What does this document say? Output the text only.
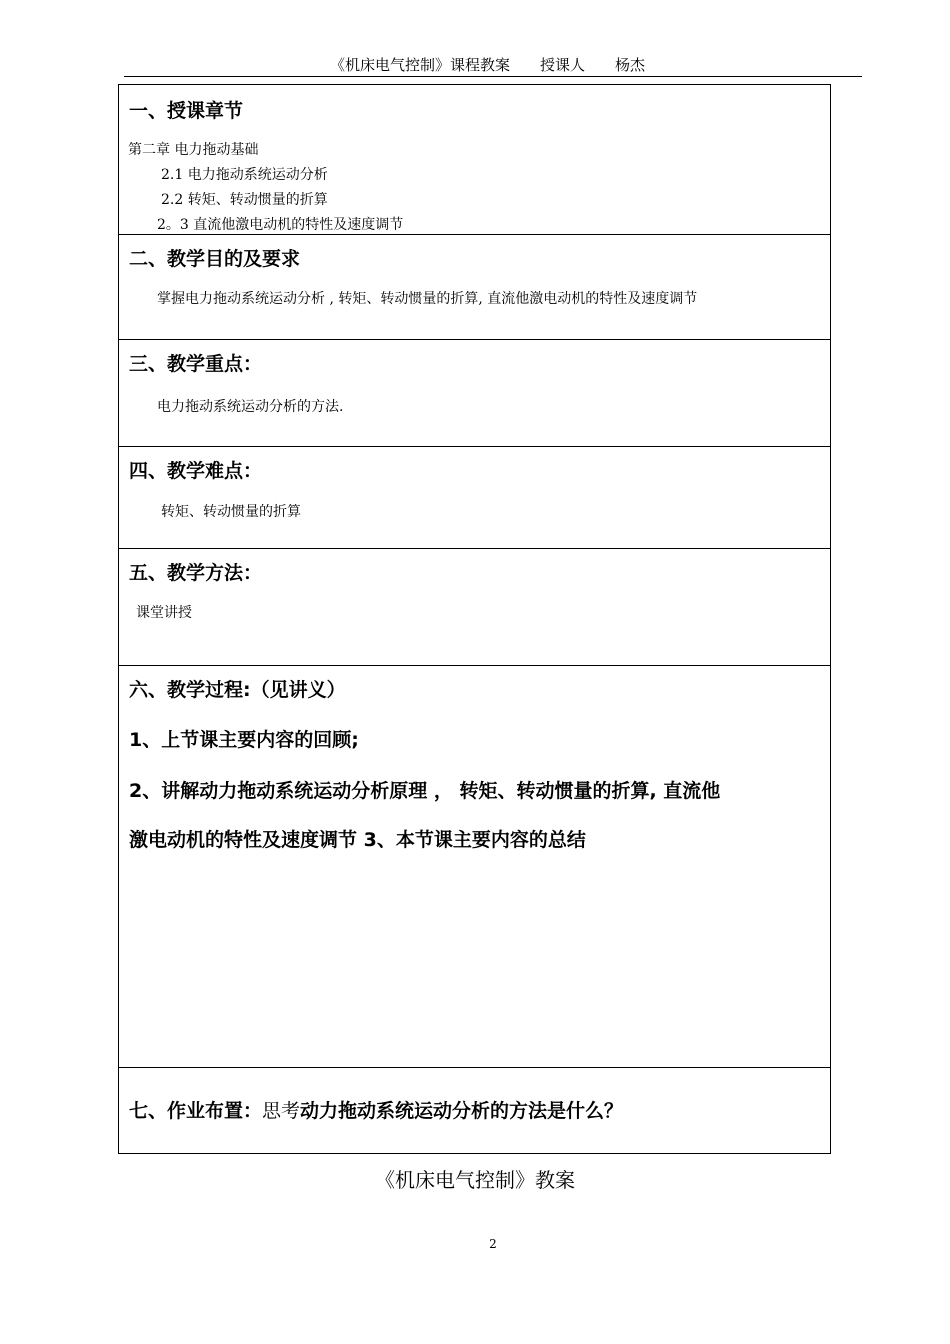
《机床电气控制》课程教案　　授课人　　杨杰
一、授课章节
第二章 电力拖动基础
2.1 电力拖动系统运动分析
2.2 转矩、转动惯量的折算
2。3 直流他激电动机的特性及速度调节
二、教学目的及要求
掌握电力拖动系统运动分析 , 转矩、转动惯量的折算, 直流他激电动机的特性及速度调节
三、教学重点：
电力拖动系统运动分析的方法.
四、教学难点：
转矩、转动惯量的折算
五、教学方法：
课堂讲授
六、教学过程:（见讲义）
1、上节课主要内容的回顾;
2、讲解动力拖动系统运动分析原理 ， 转矩、转动惯量的折算, 直流他
激电动机的特性及速度调节 3、本节课主要内容的总结
七、作业布置：思考动力拖动系统运动分析的方法是什么？
《机床电气控制》教案
2
